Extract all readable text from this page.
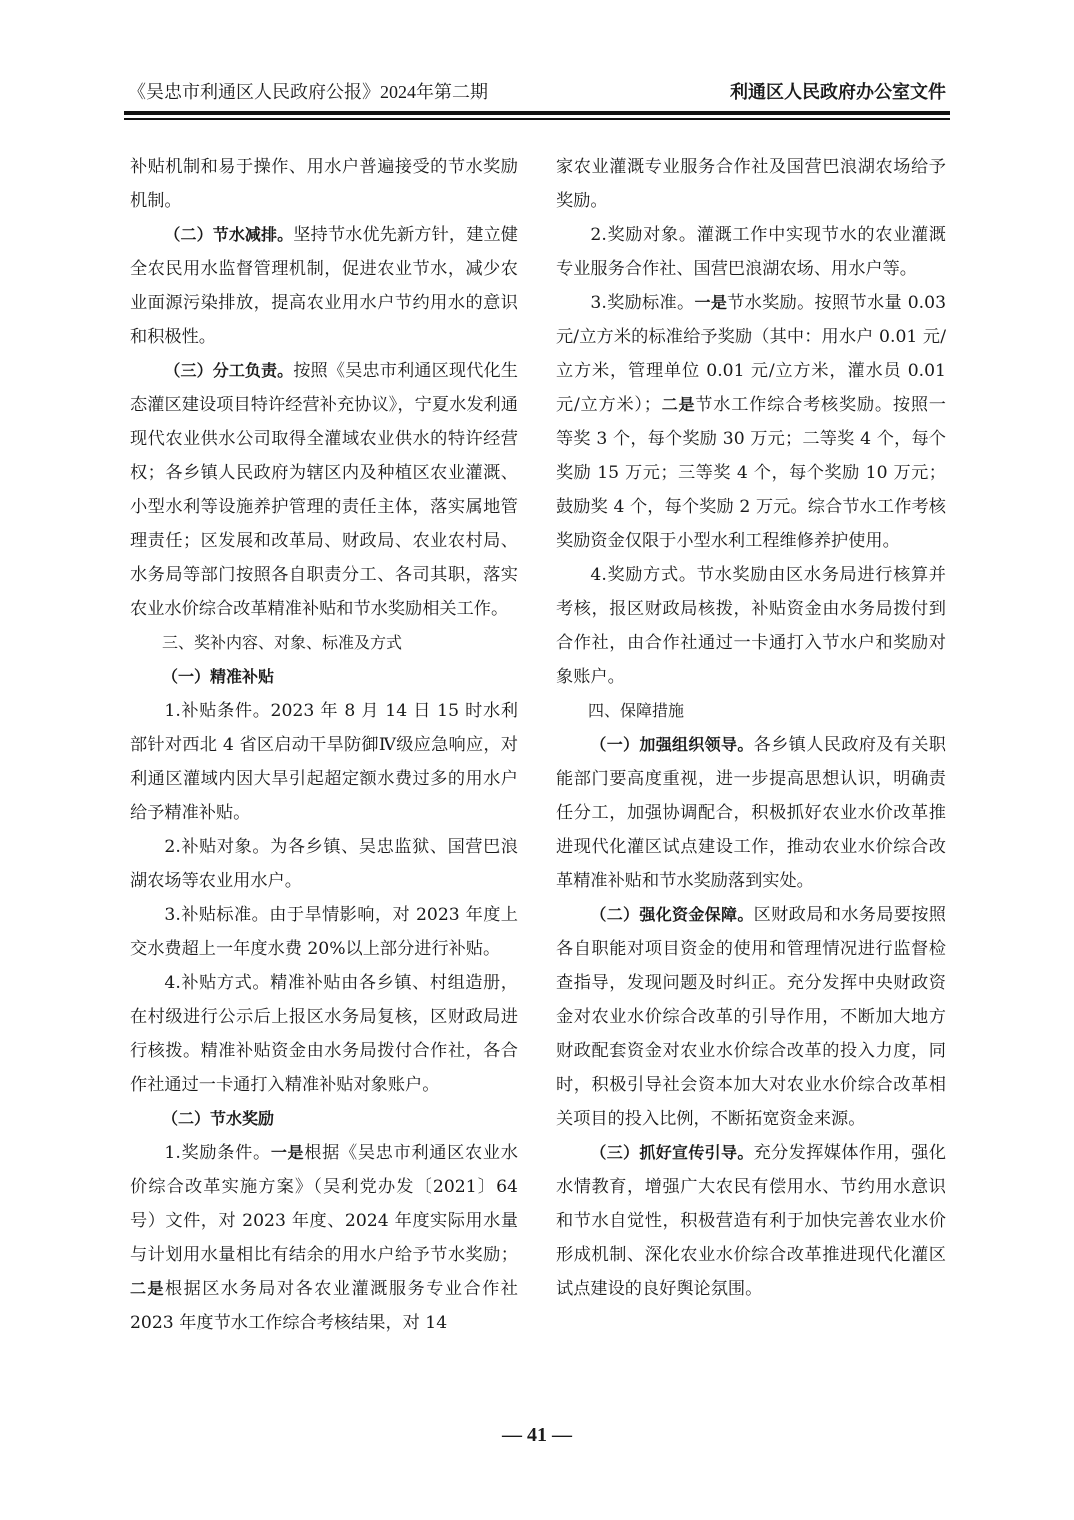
《吴忠市利通区人民政府公报》2024年第二期	利通区人民政府办公室文件

补贴机制和易于操作、用水户普遍接受的节水奖励机制。

（二）节水减排。坚持节水优先新方针，建立健全农民用水监督管理机制，促进农业节水，减少农业面源污染排放，提高农业用水户节约用水的意识和积极性。

（三）分工负责。按照《吴忠市利通区现代化生态灌区建设项目特许经营补充协议》，宁夏水发利通现代农业供水公司取得全灌域农业供水的特许经营权；各乡镇人民政府为辖区内及种植区农业灌溉、小型水利等设施养护管理的责任主体，落实属地管理责任；区发展和改革局、财政局、农业农村局、水务局等部门按照各自职责分工、各司其职，落实农业水价综合改革精准补贴和节水奖励相关工作。

三、奖补内容、对象、标准及方式

（一）精准补贴

1.补贴条件。2023 年 8 月 14 日 15 时水利部针对西北 4 省区启动干旱防御Ⅳ级应急响应，对利通区灌域内因大旱引起超定额水费过多的用水户给予精准补贴。

2.补贴对象。为各乡镇、吴忠监狱、国营巴浪湖农场等农业用水户。

3.补贴标准。由于旱情影响，对 2023 年度上交水费超上一年度水费 20%以上部分进行补贴。

4.补贴方式。精准补贴由各乡镇、村组造册，在村级进行公示后上报区水务局复核，区财政局进行核拨。精准补贴资金由水务局拨付合作社，各合作社通过一卡通打入精准补贴对象账户。

（二）节水奖励

1.奖励条件。一是根据《吴忠市利通区农业水价综合改革实施方案》（吴利党办发〔2021〕64 号）文件，对 2023 年度、2024 年度实际用水量与计划用水量相比有结余的用水户给予节水奖励；二是根据区水务局对各农业灌溉服务专业合作社 2023 年度节水工作综合考核结果，对 14

家农业灌溉专业服务合作社及国营巴浪湖农场给予奖励。

2.奖励对象。灌溉工作中实现节水的农业灌溉专业服务合作社、国营巴浪湖农场、用水户等。

3.奖励标准。一是节水奖励。按照节水量 0.03 元/立方米的标准给予奖励（其中：用水户 0.01 元/立方米，管理单位 0.01 元/立方米，灌水员 0.01 元/立方米）；二是节水工作综合考核奖励。按照一等奖 3 个，每个奖励 30 万元；二等奖 4 个，每个奖励 15 万元；三等奖 4 个，每个奖励 10 万元；鼓励奖 4 个，每个奖励 2 万元。综合节水工作考核奖励资金仅限于小型水利工程维修养护使用。

4.奖励方式。节水奖励由区水务局进行核算并考核，报区财政局核拨，补贴资金由水务局拨付到合作社，由合作社通过一卡通打入节水户和奖励对象账户。

四、保障措施

（一）加强组织领导。各乡镇人民政府及有关职能部门要高度重视，进一步提高思想认识，明确责任分工，加强协调配合，积极抓好农业水价改革推进现代化灌区试点建设工作，推动农业水价综合改革精准补贴和节水奖励落到实处。

（二）强化资金保障。区财政局和水务局要按照各自职能对项目资金的使用和管理情况进行监督检查指导，发现问题及时纠正。充分发挥中央财政资金对农业水价综合改革的引导作用，不断加大地方财政配套资金对农业水价综合改革的投入力度，同时，积极引导社会资本加大对农业水价综合改革相关项目的投入比例，不断拓宽资金来源。

（三）抓好宣传引导。充分发挥媒体作用，强化水情教育，增强广大农民有偿用水、节约用水意识和节水自觉性，积极营造有利于加快完善农业水价形成机制、深化农业水价综合改革推进现代化灌区试点建设的良好舆论氛围。

— 41 —
